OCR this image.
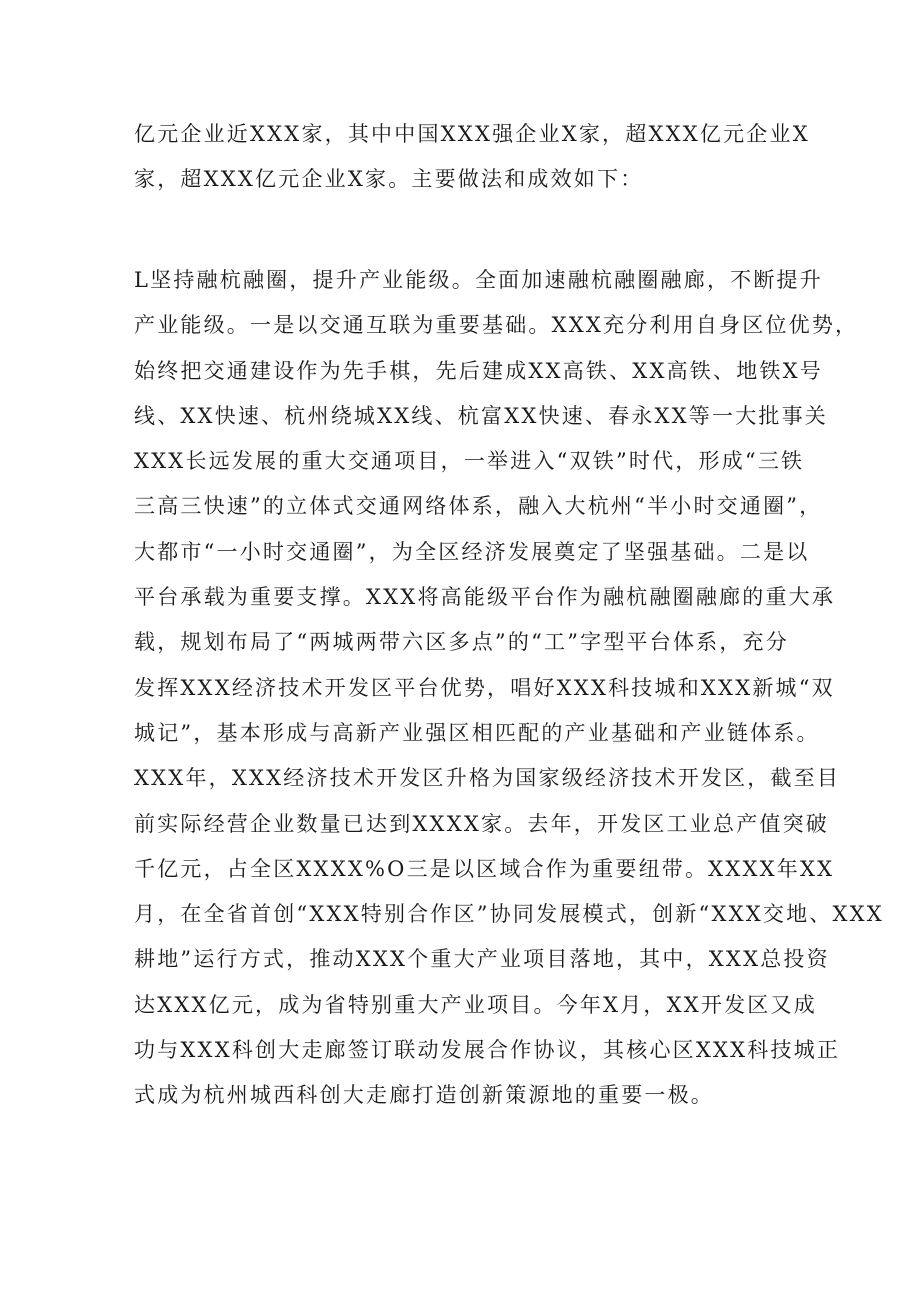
亿元企业近XXX家，其中中国XXX强企业X家，超XXX亿元企业X
家，超XXX亿元企业X家。主要做法和成效如下：
L坚持融杭融圈，提升产业能级。全面加速融杭融圈融廊，不断提升
产业能级。一是以交通互联为重要基础。XXX充分利用自身区位优势，
始终把交通建设作为先手棋，先后建成XX高铁、XX高铁、地铁X号
线、XX快速、杭州绕城XX线、杭富XX快速、春永XX等一大批事关
XXX长远发展的重大交通项目，一举进入“双铁”时代，形成“三铁
三高三快速”的立体式交通网络体系，融入大杭州“半小时交通圈”，
大都市“一小时交通圈”，为全区经济发展奠定了坚强基础。二是以
平台承载为重要支撑。XXX将高能级平台作为融杭融圈融廊的重大承
载，规划布局了“两城两带六区多点”的“工”字型平台体系，充分
发挥XXX经济技术开发区平台优势，唱好XXX科技城和XXX新城“双
城记”，基本形成与高新产业强区相匹配的产业基础和产业链体系。
XXX年，XXX经济技术开发区升格为国家级经济技术开发区，截至目
前实际经营企业数量已达到XXXX家。去年，开发区工业总产值突破
千亿元，占全区XXXX%O三是以区域合作为重要纽带。XXXX年XX
月，在全省首创“XXX特别合作区”协同发展模式，创新“XXX交地、XXX
耕地”运行方式，推动XXX个重大产业项目落地，其中，XXX总投资
达XXX亿元，成为省特别重大产业项目。今年X月，XX开发区又成
功与XXX科创大走廊签订联动发展合作协议，其核心区XXX科技城正
式成为杭州城西科创大走廊打造创新策源地的重要一极。
